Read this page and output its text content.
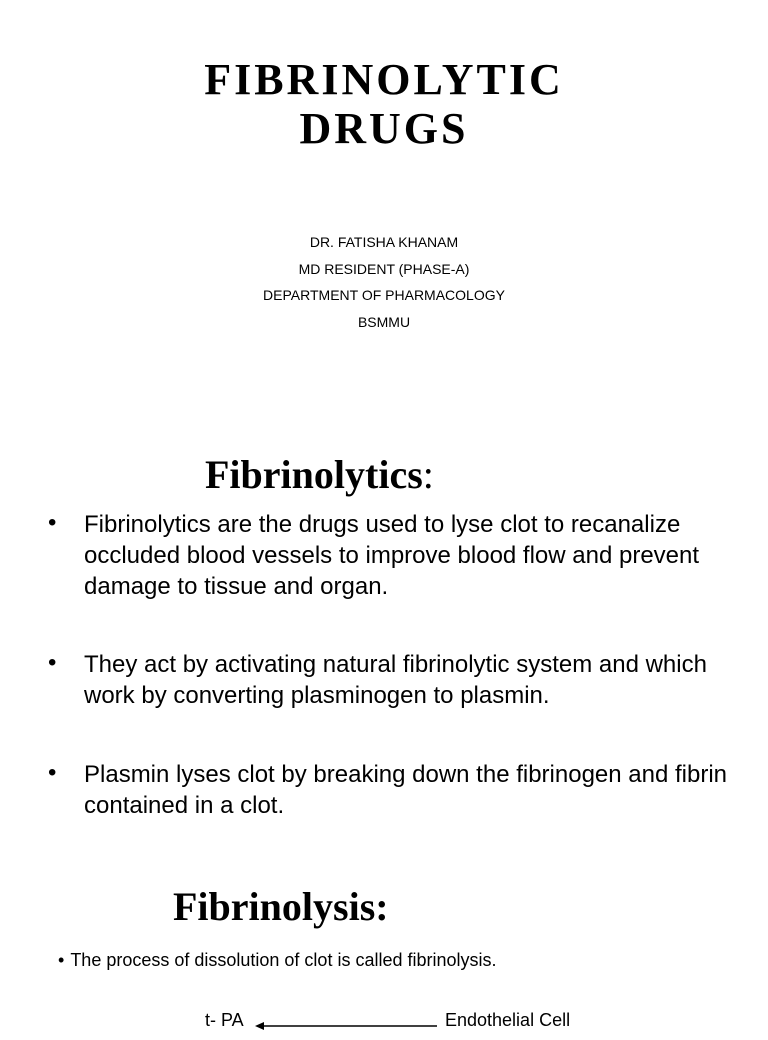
FIBRINOLYTIC
DRUGS
DR. FATISHA KHANAM
MD RESIDENT (PHASE-A)
DEPARTMENT OF PHARMACOLOGY
BSMMU
Fibrinolytics:
• Fibrinolytics are the drugs used to lyse clot to recanalize occluded blood vessels to improve blood flow and prevent damage to tissue and organ.
• They act by activating natural fibrinolytic system and which work by converting plasminogen to plasmin.
• Plasmin lyses clot by breaking down the fibrinogen and fibrin contained in a clot.
Fibrinolysis:
• The process of dissolution of clot is called fibrinolysis.
t- PA	Endothelial Cell
